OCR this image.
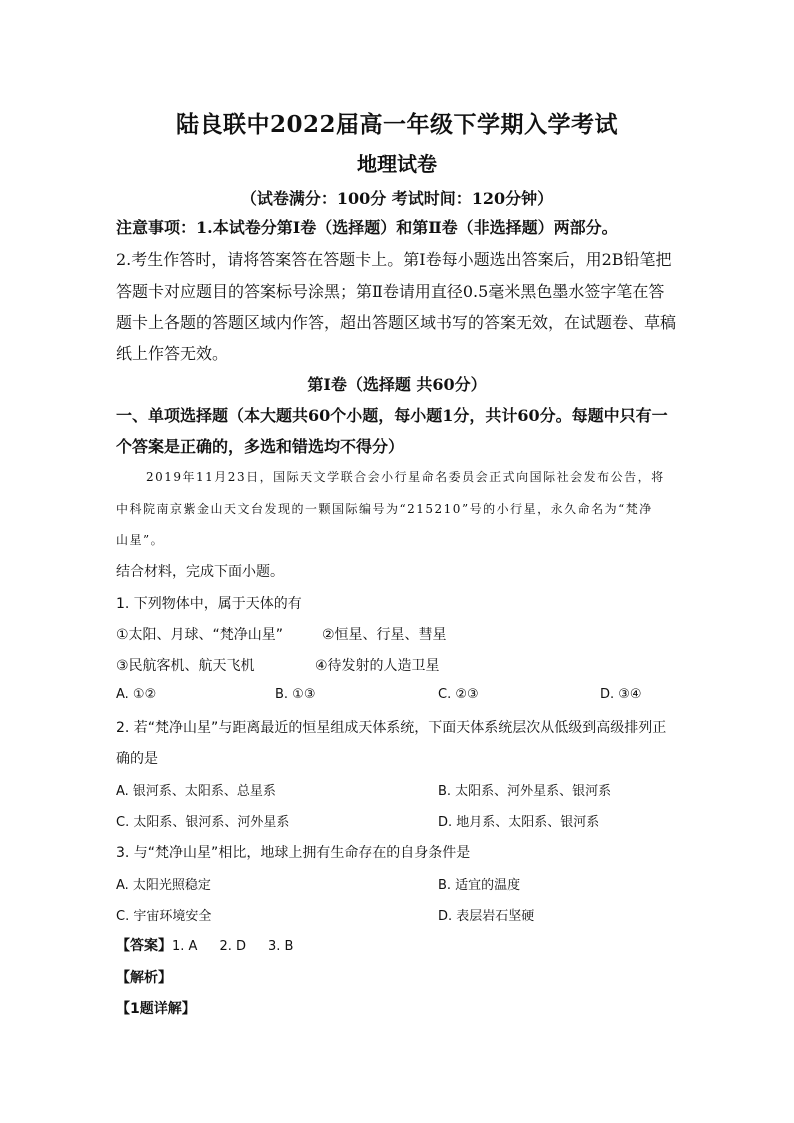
陆良联中2022届高一年级下学期入学考试
地理试卷
（试卷满分：100分 考试时间：120分钟）
注意事项：1.本试卷分第Ⅰ卷（选择题）和第Ⅱ卷（非选择题）两部分。
2.考生作答时，请将答案答在答题卡上。第Ⅰ卷每小题选出答案后，用2B铅笔把
答题卡对应题目的答案标号涂黑；第Ⅱ卷请用直径0.5毫米黑色墨水签字笔在答
题卡上各题的答题区域内作答，超出答题区域书写的答案无效，在试题卷、草稿
纸上作答无效。
第Ⅰ卷（选择题 共60分）
一、单项选择题（本大题共60个小题，每小题1分，共计60分。每题中只有一
个答案是正确的，多选和错选均不得分）
2019年11月23日，国际天文学联合会小行星命名委员会正式向国际社会发布公告，将
中科院南京紫金山天文台发现的一颗国际编号为“215210”号的小行星，永久命名为“梵净
山星”。
结合材料，完成下面小题。
1. 下列物体中，属于天体的有
①太阳、月球、“梵净山星”	②恒星、行星、彗星
③民航客机、航天飞机	④待发射的人造卫星
A. ①②	B. ①③	C. ②③	D. ③④
2. 若“梵净山星”与距离最近的恒星组成天体系统，下面天体系统层次从低级到高级排列正
确的是
A. 银河系、太阳系、总星系	B. 太阳系、河外星系、银河系
C. 太阳系、银河系、河外星系	D. 地月系、太阳系、银河系
3. 与“梵净山星”相比，地球上拥有生命存在的自身条件是
A. 太阳光照稳定	B. 适宜的温度
C. 宇宙环境安全	D. 表层岩石坚硬
【答案】1. A 2. D 3. B
【解析】
【1题详解】
